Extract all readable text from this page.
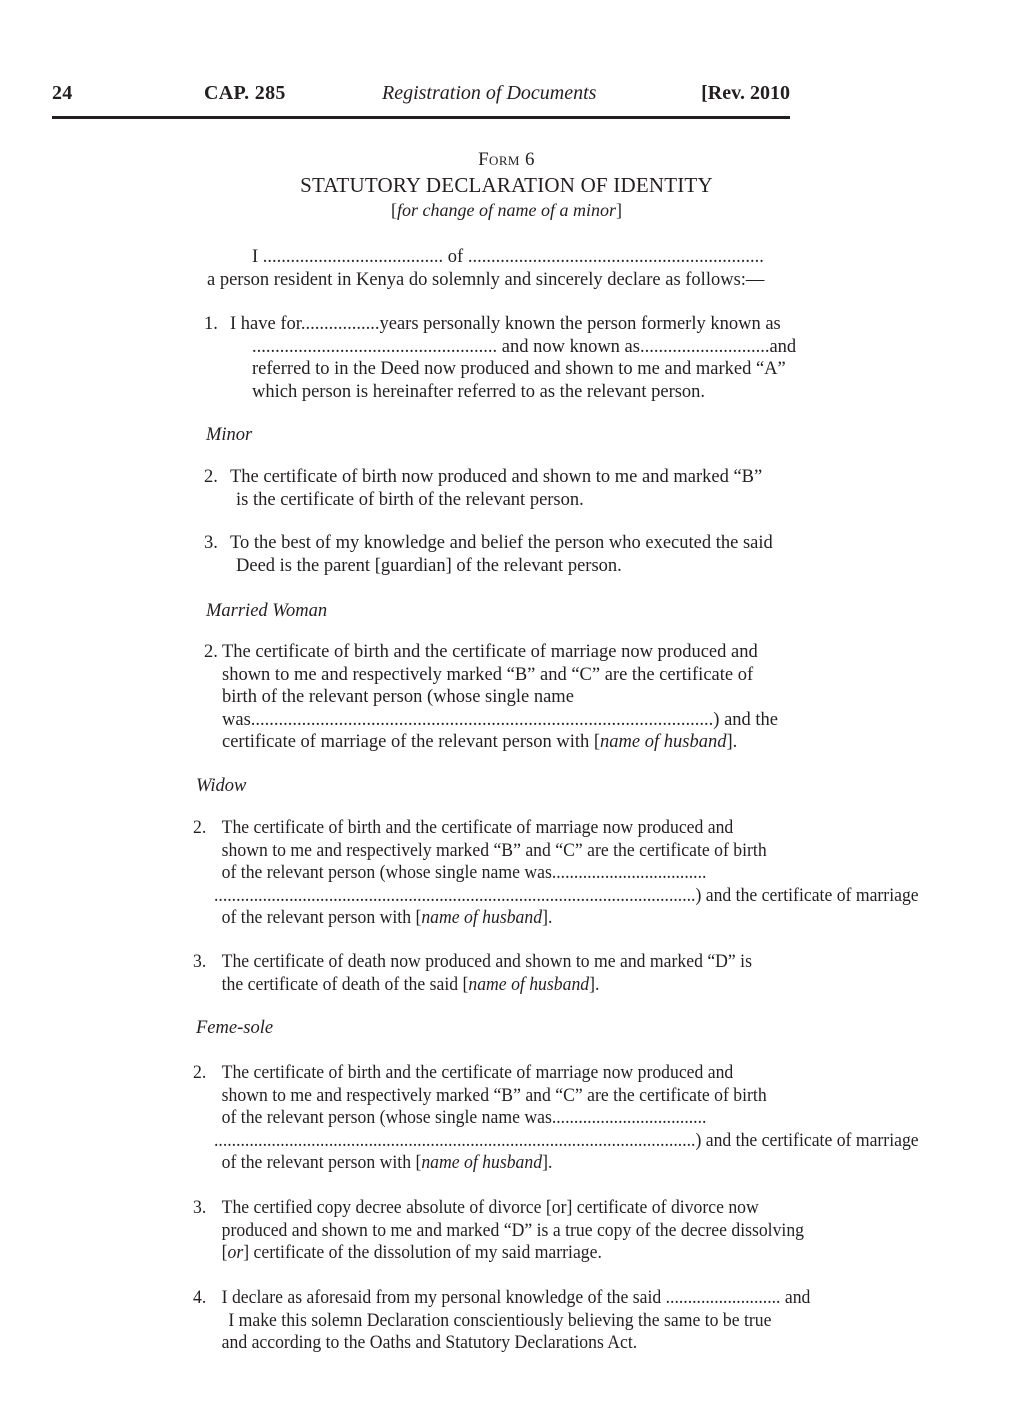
24	CAP. 285	Registration of Documents	[Rev. 2010
Form 6
STATUTORY DECLARATION OF IDENTITY
[for change of name of a minor]
I ....................................... of ................................................................
a person resident in Kenya do solemnly and sincerely declare as follows:—
1. I have for.................years personally known the person formerly known as
..................................................... and now known as............................and
referred to in the Deed now produced and shown to me and marked “A”
which person is hereinafter referred to as the relevant person.
Minor
2. The certificate of birth now produced and shown to me and marked “B”
is the certificate of birth of the relevant person.
3. To the best of my knowledge and belief the person who executed the said
Deed is the parent [guardian] of the relevant person.
Married Woman
2. The certificate of birth and the certificate of marriage now produced and shown to me and respectively marked “B” and “C” are the certificate of birth of the relevant person (whose single name was....................................................................................................) and the certificate of marriage of the relevant person with [name of husband].
Widow
2. The certificate of birth and the certificate of marriage now produced and
shown to me and respectively marked “B” and “C” are the certificate of birth
of the relevant person (whose single name was...................................
.............................................................................................................) and the certificate of marriage
of the relevant person with [name of husband].
3. The certificate of death now produced and shown to me and marked “D” is
the certificate of death of the said [name of husband].
Feme-sole
2. The certificate of birth and the certificate of marriage now produced and
shown to me and respectively marked “B” and “C” are the certificate of birth
of the relevant person (whose single name was...................................
.............................................................................................................) and the certificate of marriage
of the relevant person with [name of husband].
3. The certified copy decree absolute of divorce [or] certificate of divorce now produced and shown to me and marked “D” is a true copy of the decree dissolving [or] certificate of the dissolution of my said marriage.
4. I declare as aforesaid from my personal knowledge of the said .......................... and
I make this solemn Declaration conscientiously believing the same to be true
and according to the Oaths and Statutory Declarations Act.
